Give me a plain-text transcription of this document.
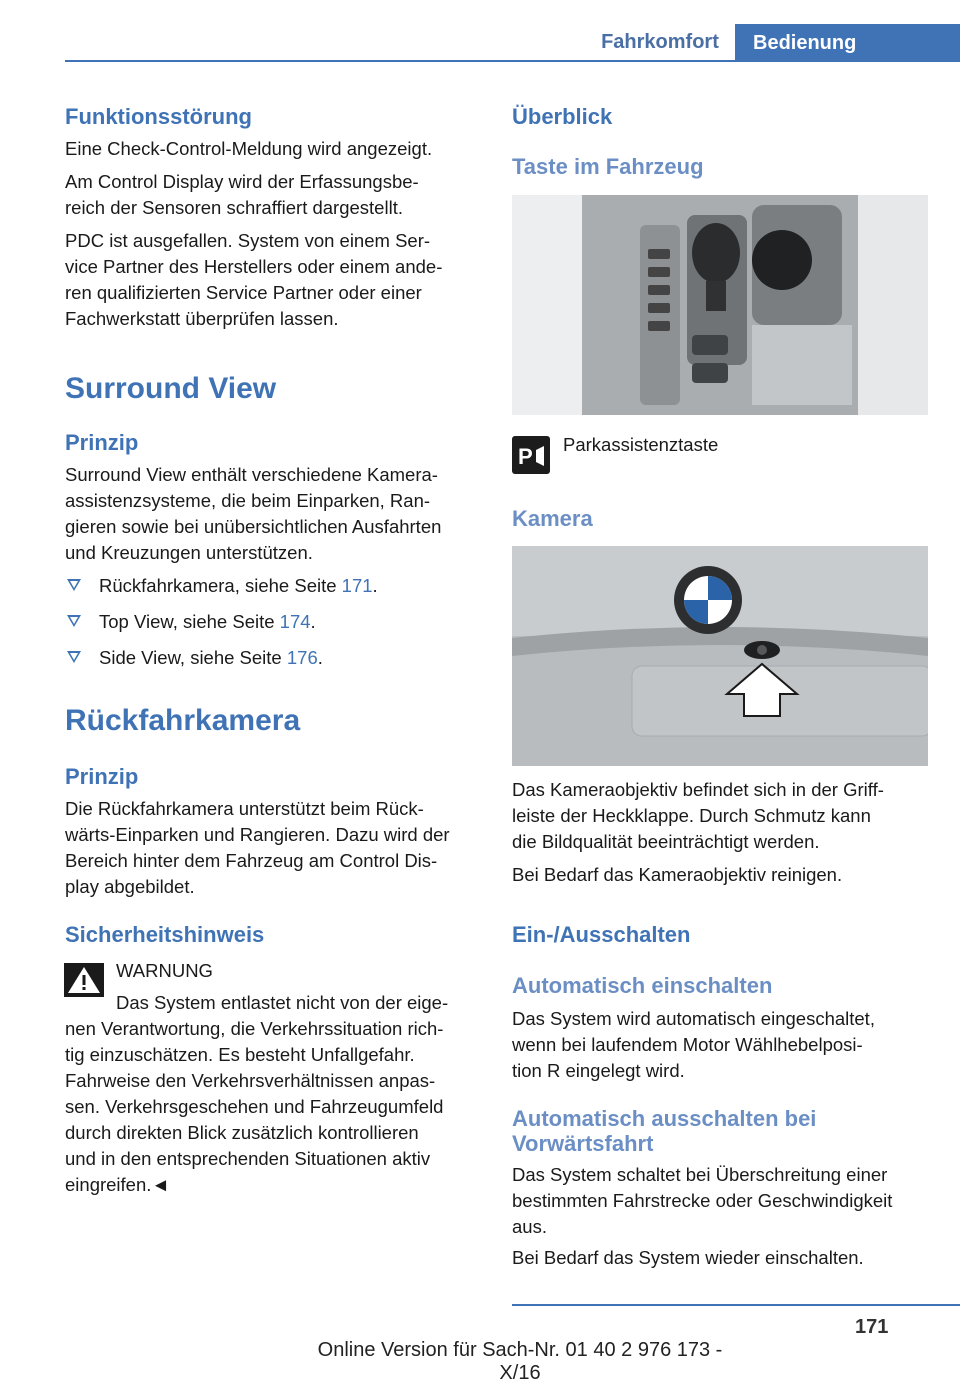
Fahrkomfort	Bedienung
Funktionsstörung
Eine Check-Control-Meldung wird angezeigt.
Am Control Display wird der Erfassungsbe-
reich der Sensoren schraffiert dargestellt.
PDC ist ausgefallen. System von einem Ser-
vice Partner des Herstellers oder einem ande-
ren qualifizierten Service Partner oder einer
Fachwerkstatt überprüfen lassen.
Surround View
Prinzip
Surround View enthält verschiedene Kamera-
assistenzsysteme, die beim Einparken, Ran-
gieren sowie bei unübersichtlichen Ausfahrten
und Kreuzungen unterstützen.
Rückfahrkamera, siehe Seite 171.
Top View, siehe Seite 174.
Side View, siehe Seite 176.
Rückfahrkamera
Prinzip
Die Rückfahrkamera unterstützt beim Rück-
wärts-Einparken und Rangieren. Dazu wird der
Bereich hinter dem Fahrzeug am Control Dis-
play abgebildet.
Sicherheitshinweis
WARNUNG
Das System entlastet nicht von der eige-
nen Verantwortung, die Verkehrssituation rich-
tig einzuschätzen. Es besteht Unfallgefahr.
Fahrweise den Verkehrsverhältnissen anpas-
sen. Verkehrsgeschehen und Fahrzeugumfeld
durch direkten Blick zusätzlich kontrollieren
und in den entsprechenden Situationen aktiv
eingreifen.◄
Überblick
Taste im Fahrzeug
P Parkassistenztaste
Kamera
Das Kameraobjektiv befindet sich in der Griff-
leiste der Heckklappe. Durch Schmutz kann
die Bildqualität beeinträchtigt werden.
Bei Bedarf das Kameraobjektiv reinigen.
Ein-/Ausschalten
Automatisch einschalten
Das System wird automatisch eingeschaltet,
wenn bei laufendem Motor Wählhebelposi-
tion R eingelegt wird.
Automatisch ausschalten bei
Vorwärtsfahrt
Das System schaltet bei Überschreitung einer
bestimmten Fahrstrecke oder Geschwindigkeit
aus.
Bei Bedarf das System wieder einschalten.
171
Online Version für Sach-Nr. 01 40 2 976 173 - X/16
